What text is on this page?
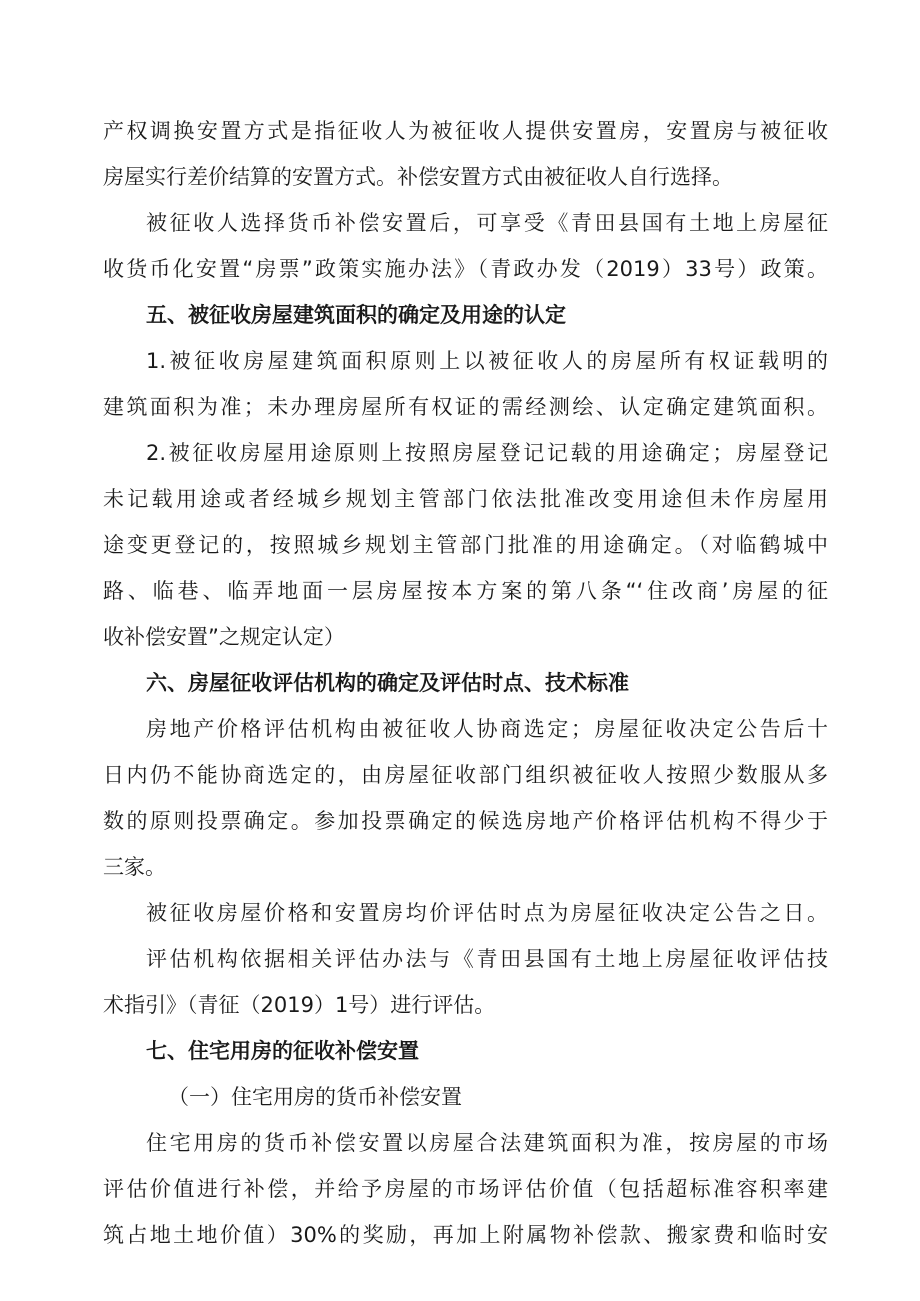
产权调换安置方式是指征收人为被征收人提供安置房，安置房与被征收
房屋实行差价结算的安置方式。补偿安置方式由被征收人自行选择。
被征收人选择货币补偿安置后，可享受《青田县国有土地上房屋征
收货币化安置“房票”政策实施办法》（青政办发（2019）33号）政策。
五、被征收房屋建筑面积的确定及用途的认定
1.被征收房屋建筑面积原则上以被征收人的房屋所有权证载明的
建筑面积为准；未办理房屋所有权证的需经测绘、认定确定建筑面积。
2.被征收房屋用途原则上按照房屋登记记载的用途确定；房屋登记
未记载用途或者经城乡规划主管部门依法批准改变用途但未作房屋用
途变更登记的，按照城乡规划主管部门批准的用途确定。（对临鹤城中
路、临巷、临弄地面一层房屋按本方案的第八条“‘住改商’房屋的征
收补偿安置”之规定认定）
六、房屋征收评估机构的确定及评估时点、技术标准
房地产价格评估机构由被征收人协商选定；房屋征收决定公告后十
日内仍不能协商选定的，由房屋征收部门组织被征收人按照少数服从多
数的原则投票确定。参加投票确定的候选房地产价格评估机构不得少于
三家。
被征收房屋价格和安置房均价评估时点为房屋征收决定公告之日。
评估机构依据相关评估办法与《青田县国有土地上房屋征收评估技
术指引》（青征（2019）1号）进行评估。
七、住宅用房的征收补偿安置
（一）住宅用房的货币补偿安置
住宅用房的货币补偿安置以房屋合法建筑面积为准，按房屋的市场
评估价值进行补偿，并给予房屋的市场评估价值（包括超标准容积率建
筑占地土地价值）30%的奖励，再加上附属物补偿款、搬家费和临时安
